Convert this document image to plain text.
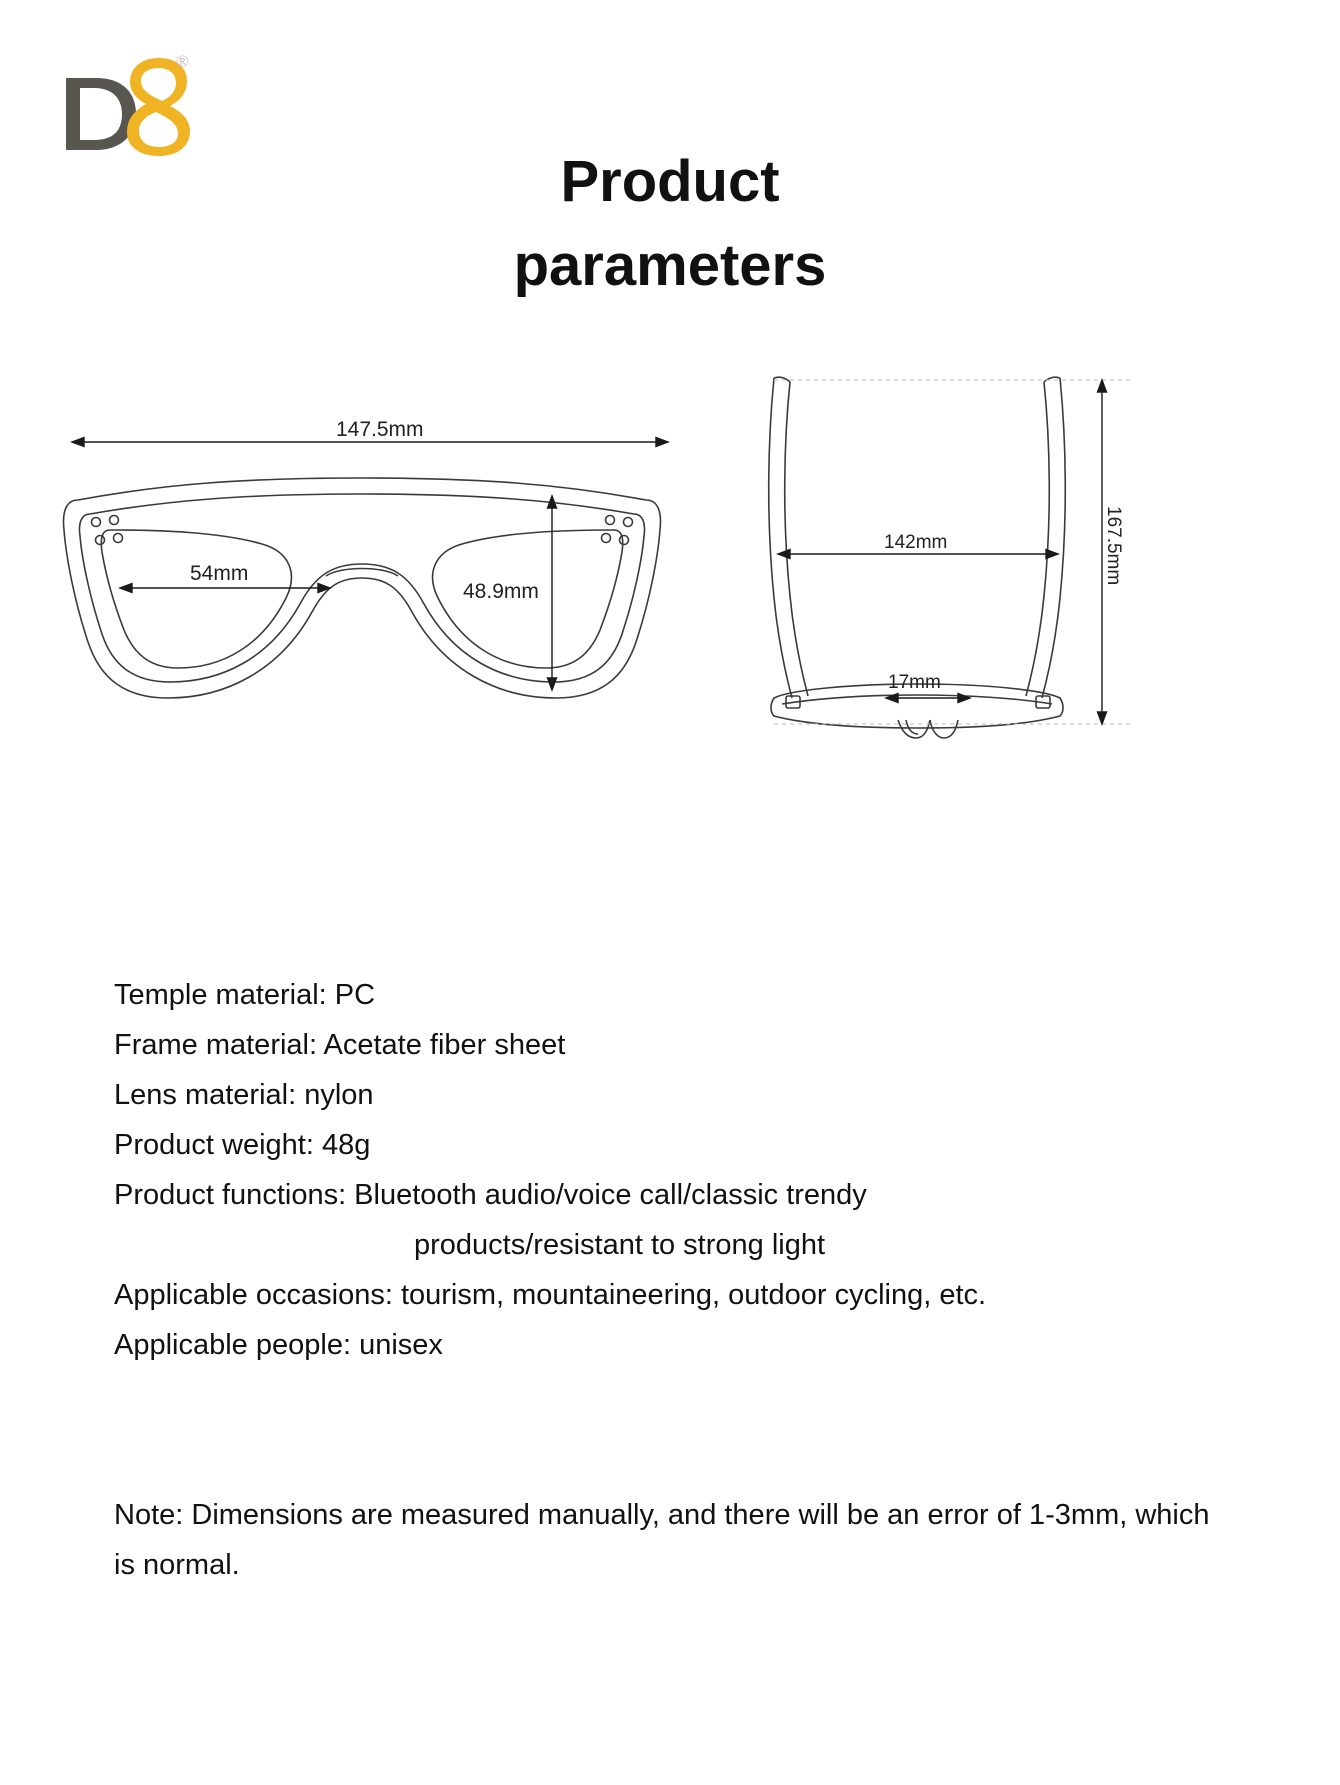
®
Product
parameters
147.5mm
54mm
48.9mm
142mm
17mm
167.5mm
Temple material: PC
Frame material: Acetate fiber sheet
Lens material: nylon
Product weight: 48g
Product functions: Bluetooth audio/voice call/classic trendy
products/resistant to strong light
Applicable occasions: tourism, mountaineering, outdoor cycling, etc.
Applicable people: unisex
Note: Dimensions are measured manually, and there will be an error of 1-3mm, which is normal.
